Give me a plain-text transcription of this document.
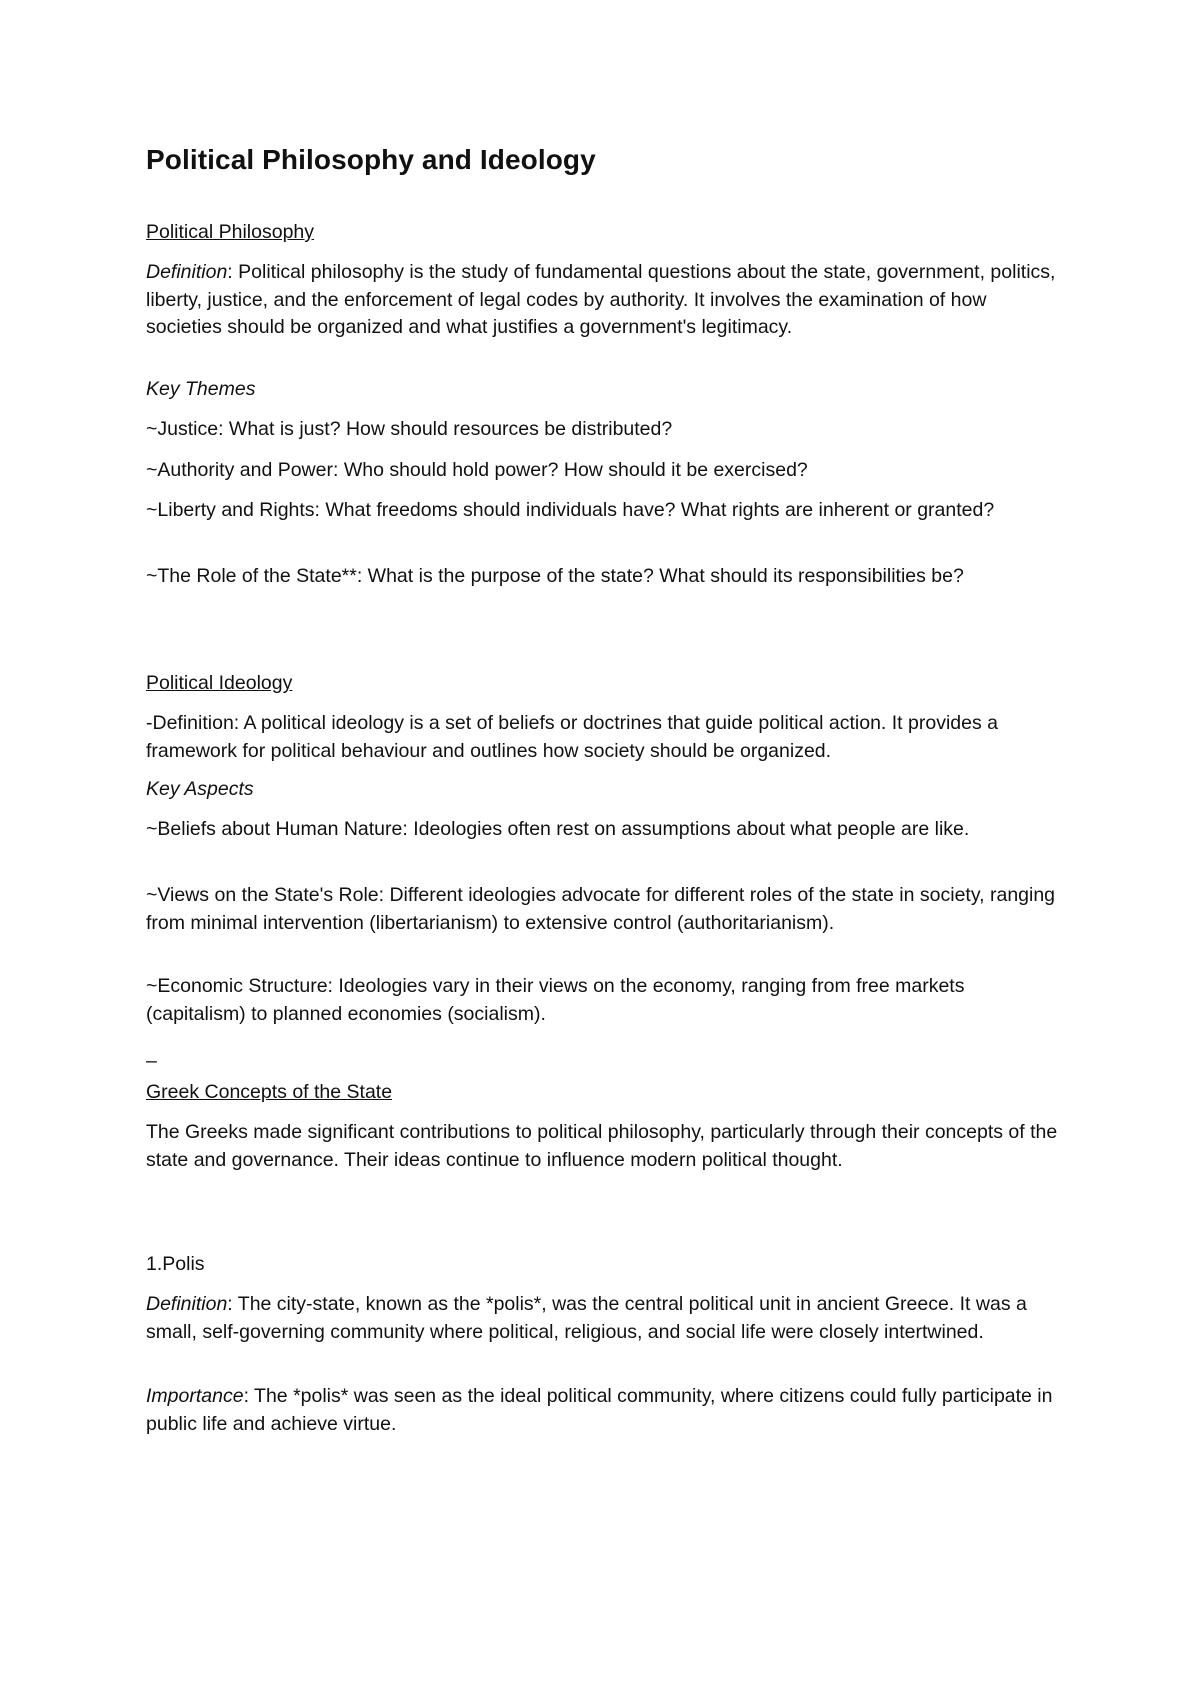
Political Philosophy and Ideology

Political Philosophy

Definition: Political philosophy is the study of fundamental questions about the state, government, politics, liberty, justice, and the enforcement of legal codes by authority. It involves the examination of how societies should be organized and what justifies a government's legitimacy.

Key Themes

~Justice: What is just? How should resources be distributed?

~Authority and Power: Who should hold power? How should it be exercised?

~Liberty and Rights: What freedoms should individuals have? What rights are inherent or granted?

~The Role of the State**: What is the purpose of the state? What should its responsibilities be?

Political Ideology

-Definition: A political ideology is a set of beliefs or doctrines that guide political action. It provides a framework for political behaviour and outlines how society should be organized.

Key Aspects

~Beliefs about Human Nature: Ideologies often rest on assumptions about what people are like.

~Views on the State's Role: Different ideologies advocate for different roles of the state in society, ranging from minimal intervention (libertarianism) to extensive control (authoritarianism).

~Economic Structure: Ideologies vary in their views on the economy, ranging from free markets (capitalism) to planned economies (socialism).

–

Greek Concepts of the State

The Greeks made significant contributions to political philosophy, particularly through their concepts of the state and governance. Their ideas continue to influence modern political thought.

1.Polis

Definition: The city-state, known as the *polis*, was the central political unit in ancient Greece. It was a small, self-governing community where political, religious, and social life were closely intertwined.

Importance: The *polis* was seen as the ideal political community, where citizens could fully participate in public life and achieve virtue.
